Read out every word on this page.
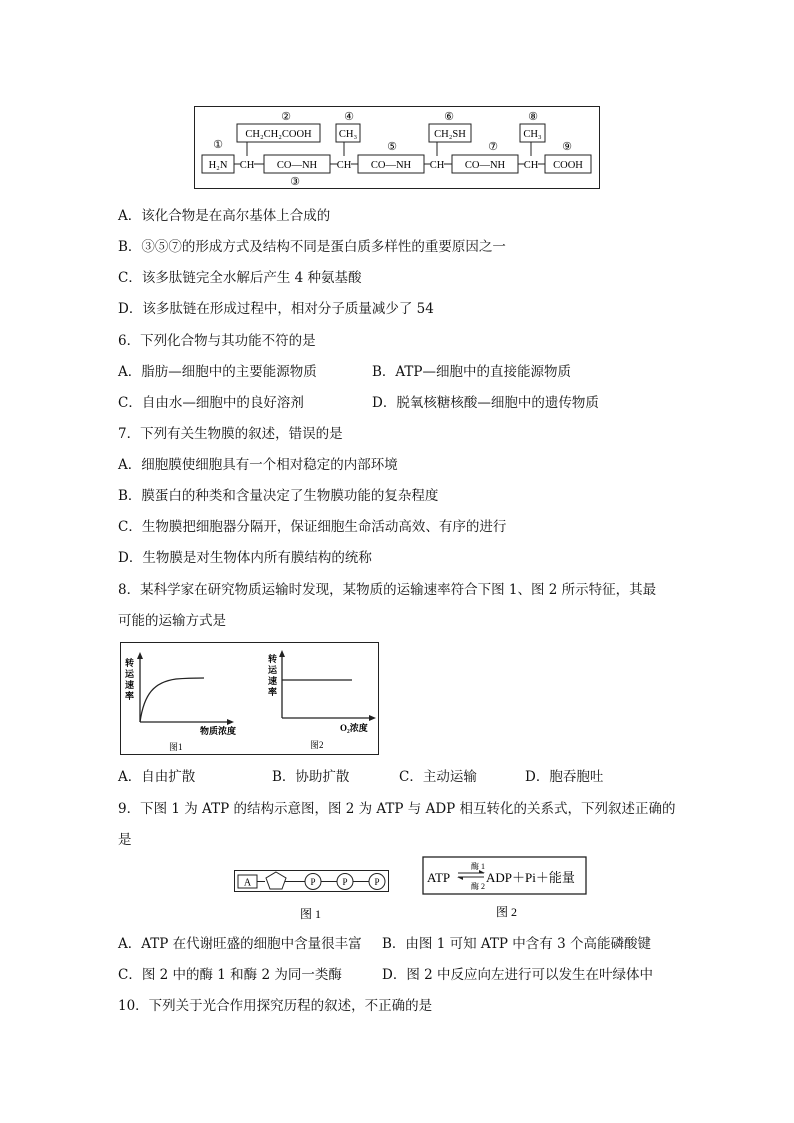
①
②	④	⑥	⑧
⑤	⑦	⑨
③
CH₂CH₂COOH	CH₃	CH₂SH	CH₃
H₂N CH CO—NH CH CO—NH CH CO—NH CH COOH
A．该化合物是在高尔基体上合成的
B．③⑤⑦的形成方式及结构不同是蛋白质多样性的重要原因之一
C．该多肽链完全水解后产生 4 种氨基酸
D．该多肽链在形成过程中，相对分子质量减少了 54
6．下列化合物与其功能不符的是
A．脂肪—细胞中的主要能源物质	B．ATP—细胞中的直接能源物质
C．自由水—细胞中的良好溶剂	D．脱氧核糖核酸—细胞中的遗传物质
7．下列有关生物膜的叙述，错误的是
A．细胞膜使细胞具有一个相对稳定的内部环境
B．膜蛋白的种类和含量决定了生物膜功能的复杂程度
C．生物膜把细胞器分隔开，保证细胞生命活动高效、有序的进行
D．生物膜是对生物体内所有膜结构的统称
8．某科学家在研究物质运输时发现，某物质的运输速率符合下图 1、图 2 所示特征，其最
可能的运输方式是
转
运
速
率
物质浓度
图1
转
运
速
率
O₂浓度
图2
A．自由扩散	B．协助扩散	C．主动运输	D．胞吞胞吐
9．下图 1 为 ATP 的结构示意图，图 2 为 ATP 与 ADP 相互转化的关系式，下列叙述正确的
是
A	P	P	P
图 1
ATP
酶 1
酶 2
ADP＋Pi＋能量
图 2
A．ATP 在代谢旺盛的细胞中含量很丰富 B．由图 1 可知 ATP 中含有 3 个高能磷酸键
C．图 2 中的酶 1 和酶 2 为同一类酶	D．图 2 中反应向左进行可以发生在叶绿体中
10．下列关于光合作用探究历程的叙述，不正确的是
